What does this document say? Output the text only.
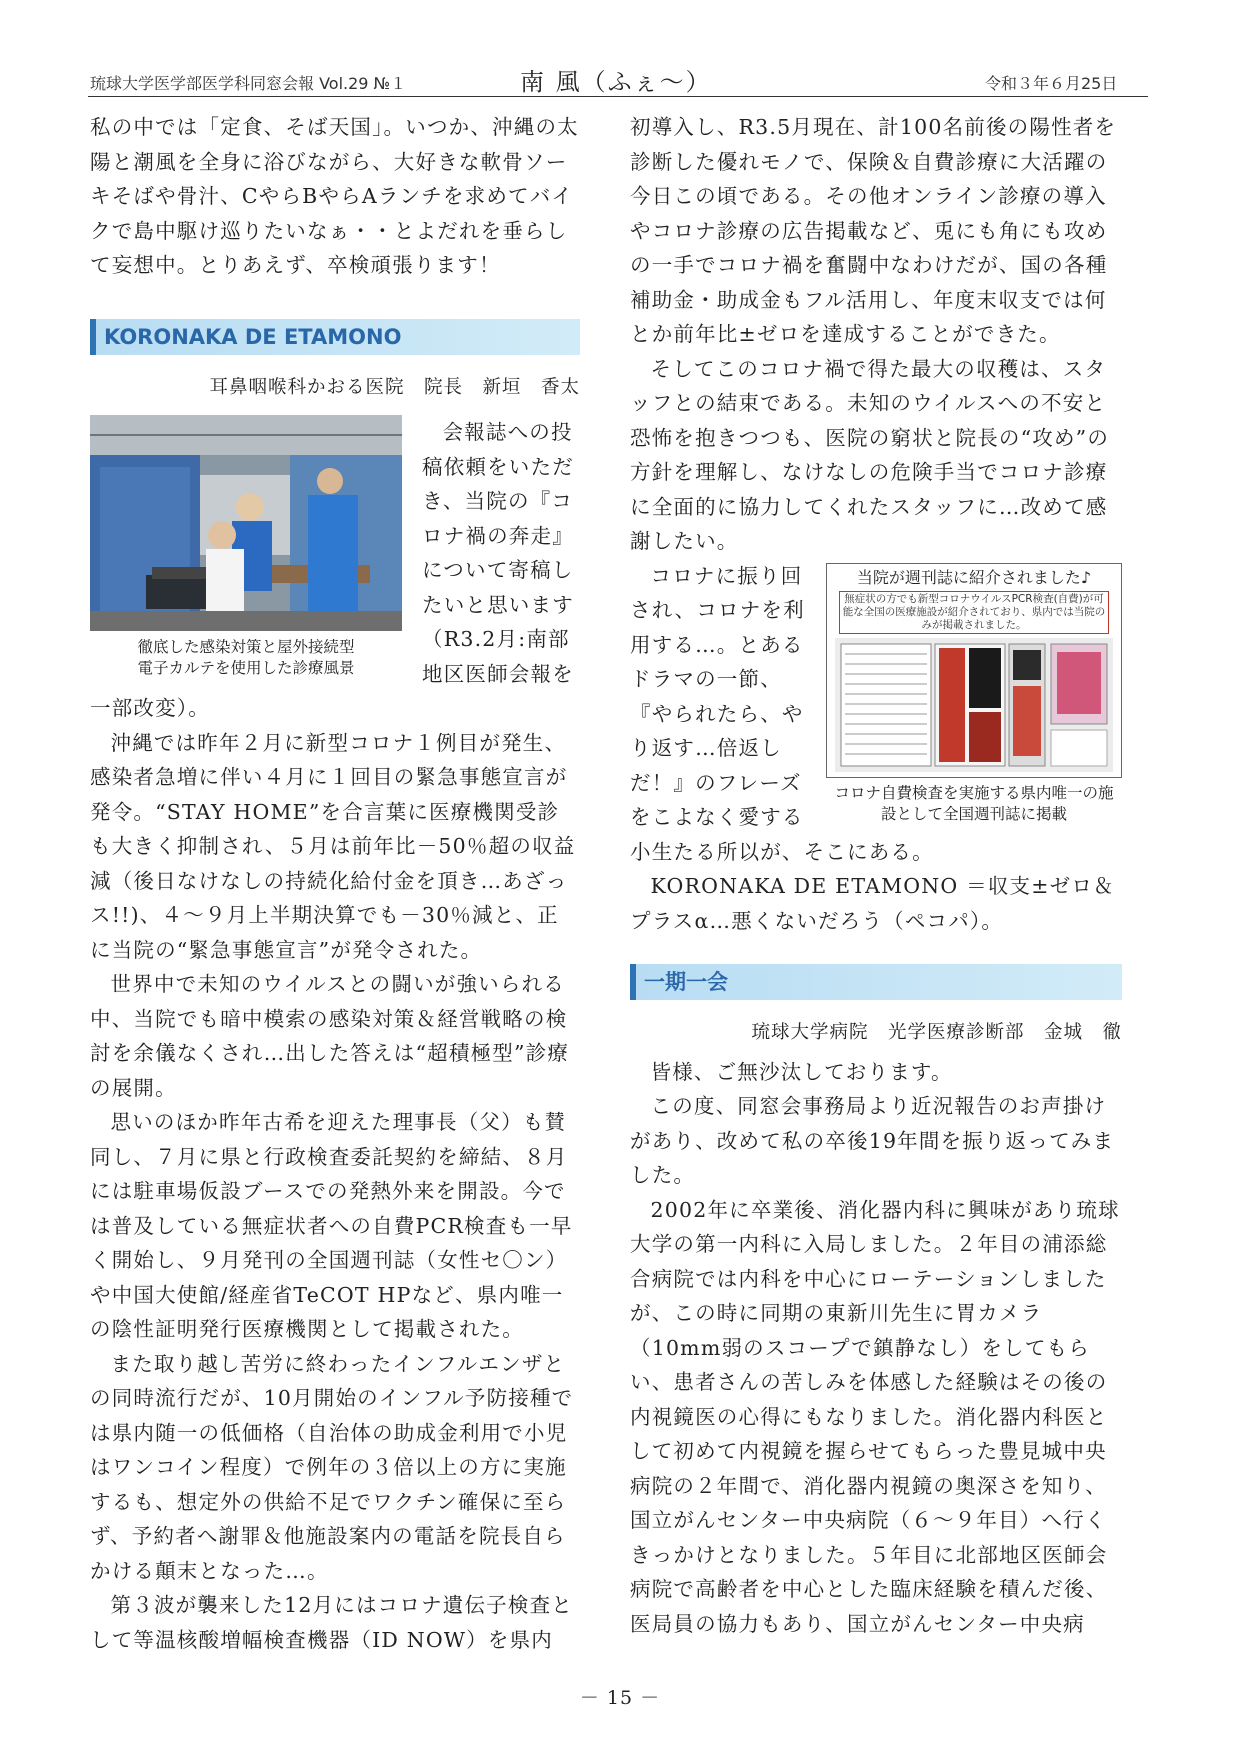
琉球大学医学部医学科同窓会報 Vol.29 №１	南 風（ふぇ〜）	令和３年６月25日

私の中では「定食、そば天国」。いつか、沖縄の太陽と潮風を全身に浴びながら、大好きな軟骨ソーキそばや骨汁、CやらBやらAランチを求めてバイクで島中駆け巡りたいなぁ・・とよだれを垂らして妄想中。とりあえず、卒検頑張ります！

KORONAKA DE ETAMONO
耳鼻咽喉科かおる医院　院長　新垣　香太
徹底した感染対策と屋外接続型
電子カルテを使用した診療風景

会報誌への投稿依頼をいただき、当院の『コロナ禍の奔走』について寄稿したいと思います（R3.2月:南部地区医師会報を一部改変）。

沖縄では昨年２月に新型コロナ１例目が発生、感染者急増に伴い４月に１回目の緊急事態宣言が発令。“STAY HOME”を合言葉に医療機関受診も大きく抑制され、５月は前年比－50％超の収益減（後日なけなしの持続化給付金を頂き…あざっス!!)、４～９月上半期決算でも－30％減と、正に当院の“緊急事態宣言”が発令された。

世界中で未知のウイルスとの闘いが強いられる中、当院でも暗中模索の感染対策＆経営戦略の検討を余儀なくされ…出した答えは“超積極型”診療の展開。

思いのほか昨年古希を迎えた理事長（父）も賛同し、７月に県と行政検査委託契約を締結、８月には駐車場仮設ブースでの発熱外来を開設。今では普及している無症状者への自費PCR検査も一早く開始し、９月発刊の全国週刊誌（女性セ〇ン）や中国大使館/経産省TeCOT HPなど、県内唯一の陰性証明発行医療機関として掲載された。

また取り越し苦労に終わったインフルエンザとの同時流行だが、10月開始のインフル予防接種では県内随一の低価格（自治体の助成金利用で小児はワンコイン程度）で例年の３倍以上の方に実施するも、想定外の供給不足でワクチン確保に至らず、予約者へ謝罪＆他施設案内の電話を院長自らかける顛末となった…。

第３波が襲来した12月にはコロナ遺伝子検査として等温核酸増幅検査機器（ID NOW）を県内

初導入し、R3.5月現在、計100名前後の陽性者を診断した優れモノで、保険＆自費診療に大活躍の今日この頃である。その他オンライン診療の導入やコロナ診療の広告掲載など、兎にも角にも攻めの一手でコロナ禍を奮闘中なわけだが、国の各種補助金・助成金もフル活用し、年度末収支では何とか前年比±ゼロを達成することができた。

そしてこのコロナ禍で得た最大の収穫は、スタッフとの結束である。未知のウイルスへの不安と恐怖を抱きつつも、医院の窮状と院長の“攻め”の方針を理解し、なけなしの危険手当でコロナ診療に全面的に協力してくれたスタッフに…改めて感謝したい。

当院が週刊誌に紹介されました♪
無症状の方でも新型コロナウイルスPCR検査(自費)が可能な全国の医療施設が紹介されており、県内では当院のみが掲載されました。
コロナ自費検査を実施する県内唯一の施
設として全国週刊誌に掲載

コロナに振り回され、コロナを利用する…。とあるドラマの一節、『やられたら、やり返す…倍返しだ！』のフレーズをこよなく愛する小生たる所以が、そこにある。

KORONAKA DE ETAMONO ＝収支±ゼロ＆プラスα…悪くないだろう（ペコパ）。

一期一会
琉球大学病院　光学医療診断部　金城　徹

皆様、ご無沙汰しております。

この度、同窓会事務局より近況報告のお声掛けがあり、改めて私の卒後19年間を振り返ってみました。

2002年に卒業後、消化器内科に興味があり琉球大学の第一内科に入局しました。２年目の浦添総合病院では内科を中心にローテーションしましたが、この時に同期の東新川先生に胃カメラ（10mm弱のスコープで鎮静なし）をしてもらい、患者さんの苦しみを体感した経験はその後の内視鏡医の心得にもなりました。消化器内科医として初めて内視鏡を握らせてもらった豊見城中央病院の２年間で、消化器内視鏡の奥深さを知り、国立がんセンター中央病院（６～９年目）へ行くきっかけとなりました。５年目に北部地区医師会病院で高齢者を中心とした臨床経験を積んだ後、医局員の協力もあり、国立がんセンター中央病

－ 15 －
